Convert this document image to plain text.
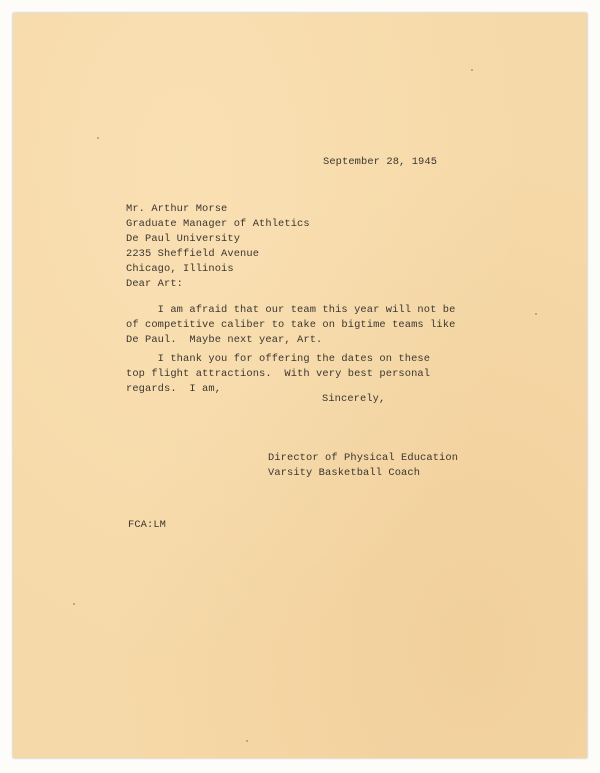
September 28, 1945
Mr. Arthur Morse
Graduate Manager of Athletics
De Paul University
2235 Sheffield Avenue
Chicago, Illinois
Dear Art:
I am afraid that our team this year will not be
of competitive caliber to take on bigtime teams like
De Paul.  Maybe next year, Art.
I thank you for offering the dates on these
top flight attractions.  With very best personal
regards.  I am,
Sincerely,
Director of Physical Education
Varsity Basketball Coach
FCA:LM
